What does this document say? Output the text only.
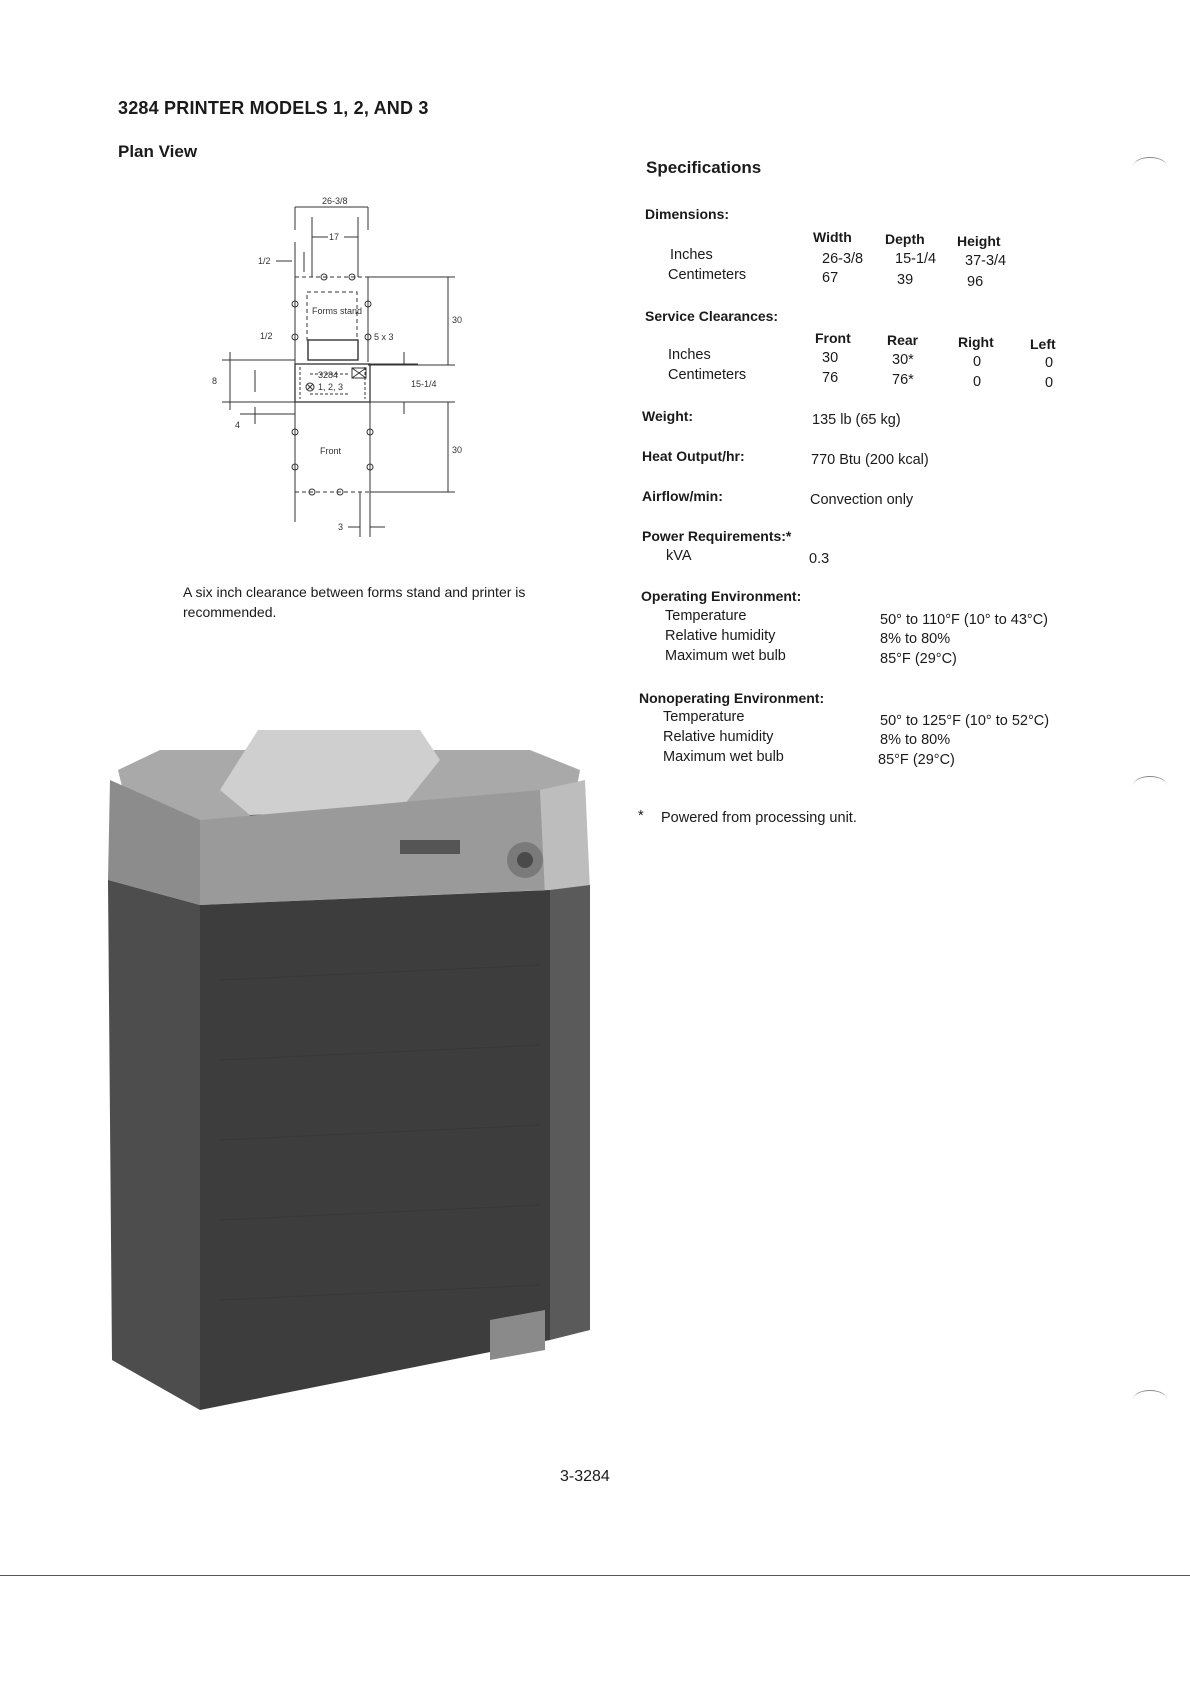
3284 PRINTER MODELS 1, 2, AND 3
Plan View
26-3/8
17
1/2
Forms stand
30
1/2	5 x 3
3284
1, 2, 3	15-1/4
8
4
Front	30
3
A six inch clearance between forms stand and printer is recommended.
Specifications
Dimensions:
Width Depth Height
Inches	26-3/8 15-1/4 37-3/4
Centimeters	67	39	96
Service Clearances:
Front	Rear	Right	Left
Inches	30	30*	0	0
Centimeters	76	76*	0	0
Weight:	135 lb (65 kg)
Heat Output/hr:	770 Btu (200 kcal)
Airflow/min:	Convection only
Power Requirements:*
kVA	0.3
Operating Environment:
Temperature	50° to 110°F (10° to 43°C)
Relative humidity	8% to 80%
Maximum wet bulb	85°F (29°C)
Nonoperating Environment:
Temperature	50° to 125°F (10° to 52°C)
Relative humidity	8% to 80%
Maximum wet bulb	85°F (29°C)
* Powered from processing unit.
3-3284
